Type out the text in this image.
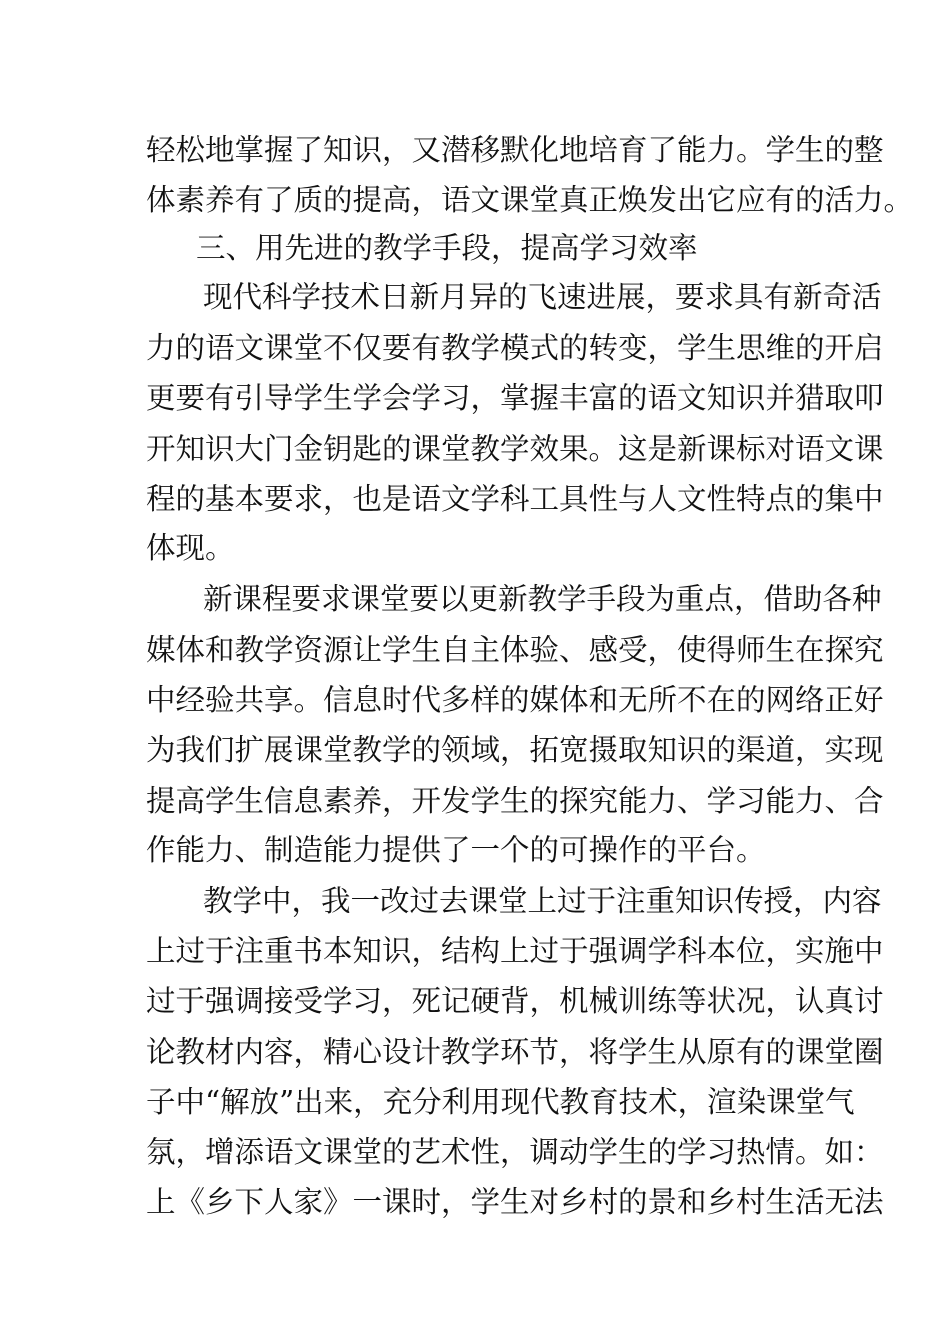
轻松地掌握了知识，又潜移默化地培育了能力。学生的整
体素养有了质的提高，语文课堂真正焕发出它应有的活力。
三、用先进的教学手段，提高学习效率
现代科学技术日新月异的飞速进展，要求具有新奇活
力的语文课堂不仅要有教学模式的转变，学生思维的开启
更要有引导学生学会学习，掌握丰富的语文知识并猎取叩
开知识大门金钥匙的课堂教学效果。这是新课标对语文课
程的基本要求，也是语文学科工具性与人文性特点的集中
体现。
新课程要求课堂要以更新教学手段为重点，借助各种
媒体和教学资源让学生自主体验、感受，使得师生在探究
中经验共享。信息时代多样的媒体和无所不在的网络正好
为我们扩展课堂教学的领域，拓宽摄取知识的渠道，实现
提高学生信息素养，开发学生的探究能力、学习能力、合
作能力、制造能力提供了一个的可操作的平台。
教学中，我一改过去课堂上过于注重知识传授，内容
上过于注重书本知识，结构上过于强调学科本位，实施中
过于强调接受学习，死记硬背，机械训练等状况，认真讨
论教材内容，精心设计教学环节，将学生从原有的课堂圈
子中“解放”出来，充分利用现代教育技术，渲染课堂气
氛，增添语文课堂的艺术性，调动学生的学习热情。如：
上《乡下人家》一课时，学生对乡村的景和乡村生活无法
